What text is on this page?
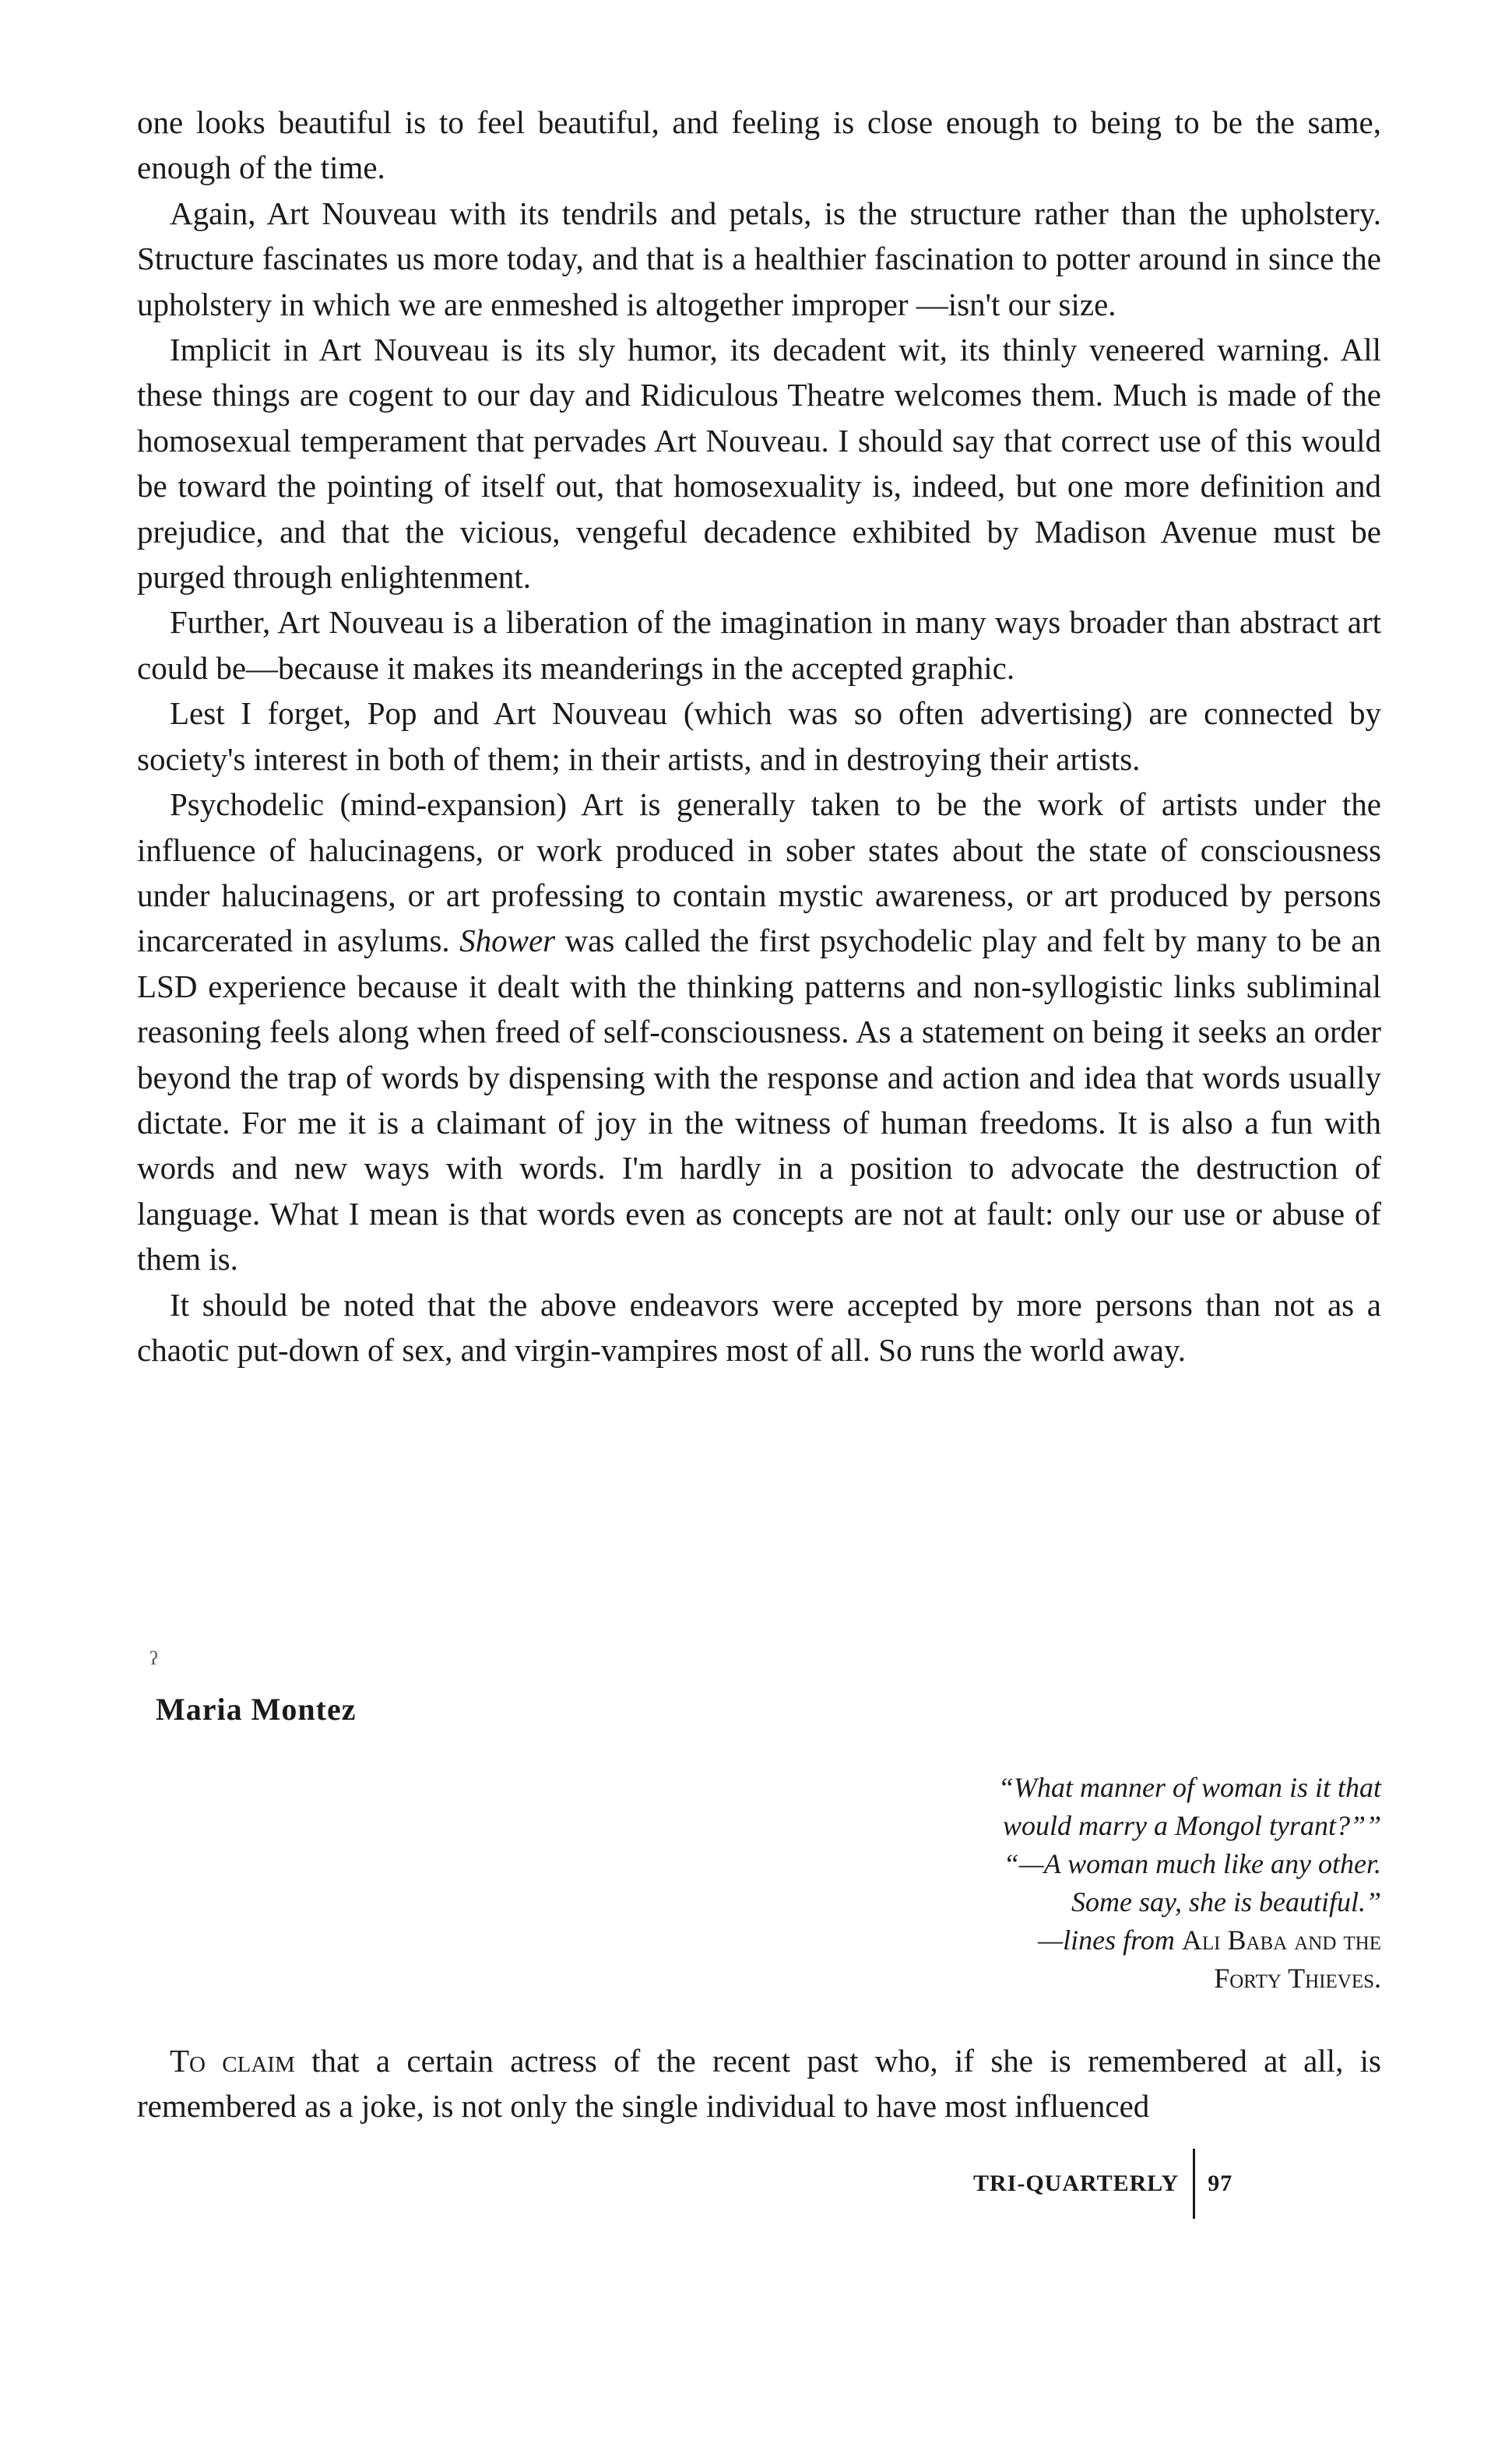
one looks beautiful is to feel beautiful, and feeling is close enough to being to be the same, enough of the time.

Again, Art Nouveau with its tendrils and petals, is the structure rather than the upholstery. Structure fascinates us more today, and that is a healthier fascination to potter around in since the upholstery in which we are enmeshed is altogether improper —isn't our size.

Implicit in Art Nouveau is its sly humor, its decadent wit, its thinly veneered warning. All these things are cogent to our day and Ridiculous Theatre welcomes them. Much is made of the homosexual temperament that pervades Art Nouveau. I should say that correct use of this would be toward the pointing of itself out, that homosexuality is, indeed, but one more definition and prejudice, and that the vicious, vengeful decadence exhibited by Madison Avenue must be purged through enlightenment.

Further, Art Nouveau is a liberation of the imagination in many ways broader than abstract art could be—because it makes its meanderings in the accepted graphic.

Lest I forget, Pop and Art Nouveau (which was so often advertising) are connected by society's interest in both of them; in their artists, and in destroying their artists.

Psychodelic (mind-expansion) Art is generally taken to be the work of artists under the influence of halucinagens, or work produced in sober states about the state of consciousness under halucinagens, or art professing to contain mystic awareness, or art produced by persons incarcerated in asylums. Shower was called the first psychodelic play and felt by many to be an LSD experience because it dealt with the thinking patterns and non-syllogistic links subliminal reasoning feels along when freed of self-consciousness. As a statement on being it seeks an order beyond the trap of words by dispensing with the response and action and idea that words usually dictate. For me it is a claimant of joy in the witness of human freedoms. It is also a fun with words and new ways with words. I'm hardly in a position to advocate the destruction of language. What I mean is that words even as concepts are not at fault: only our use or abuse of them is.

It should be noted that the above endeavors were accepted by more persons than not as a chaotic put-down of sex, and virgin-vampires most of all. So runs the world away.

ʔ
Maria Montez
“What manner of woman is it that
would marry a Mongol tyrant?””
“—A woman much like any other.
Some say, she is beautiful.”
—lines from Ali Baba and the
Forty Thieves.

To claim that a certain actress of the recent past who, if she is remembered at all, is remembered as a joke, is not only the single individual to have most influenced

TRI-QUARTERLY 97
